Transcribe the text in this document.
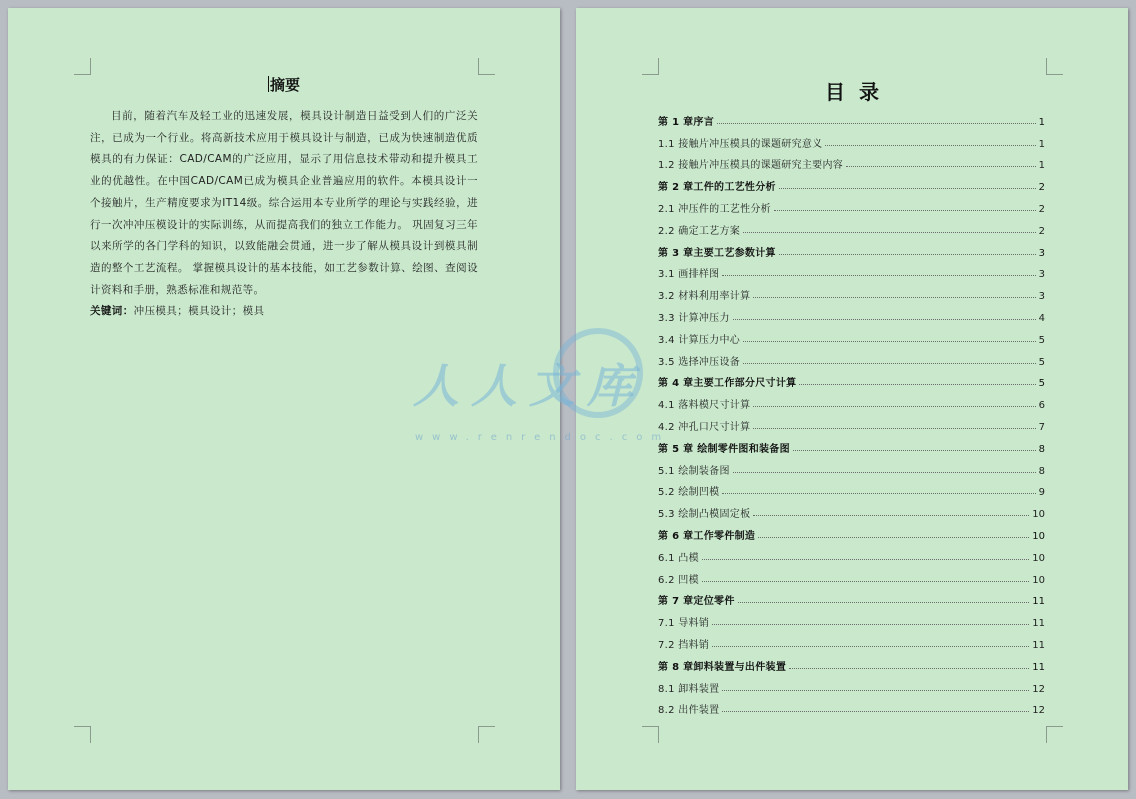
摘要

目前，随着汽车及轻工业的迅速发展，模具设计制造日益受到人们的广泛关注，已成为一个行业。将高新技术应用于模具设计与制造，已成为快速制造优质模具的有力保证：CAD/CAM的广泛应用，显示了用信息技术带动和提升模具工业的优越性。在中国CAD/CAM已成为模具企业普遍应用的软件。本模具设计一个接触片，生产精度要求为IT14级。综合运用本专业所学的理论与实践经验，进行一次冲冲压模设计的实际训练，从而提高我们的独立工作能力。 巩固复习三年以来所学的各门学科的知识，以致能融会贯通，进一步了解从模具设计到模具制造的整个工艺流程。 掌握模具设计的基本技能，如工艺参数计算、绘图、查阅设计资料和手册，熟悉标准和规范等。

关键词：冲压模具；模具设计；模具

目录
第 1 章序言	1
1.1 接触片冲压模具的课题研究意义	1
1.2 接触片冲压模具的课题研究主要内容	1
第 2 章工件的工艺性分析	2
2.1 冲压件的工艺性分析	2
2.2 确定工艺方案	2
第 3 章主要工艺参数计算	3
3.1 画排样图	3
3.2 材料利用率计算	3
3.3 计算冲压力	4
3.4 计算压力中心	5
3.5 选择冲压设备	5
第 4 章主要工作部分尺寸计算	5
4.1 落料模尺寸计算	6
4.2 冲孔口尺寸计算	7
第 5 章 绘制零件图和装备图	8
5.1 绘制装备图	8
5.2 绘制凹模	9
5.3 绘制凸模固定板	10
第 6 章工作零件制造	10
6.1 凸模	10
6.2 凹模	10
第 7 章定位零件	11
7.1 导料销	11
7.2 挡料销	11
第 8 章卸料装置与出件装置	11
8.1 卸料装置	12
8.2 出件装置	12
人人文库
www.renrendoc.com
